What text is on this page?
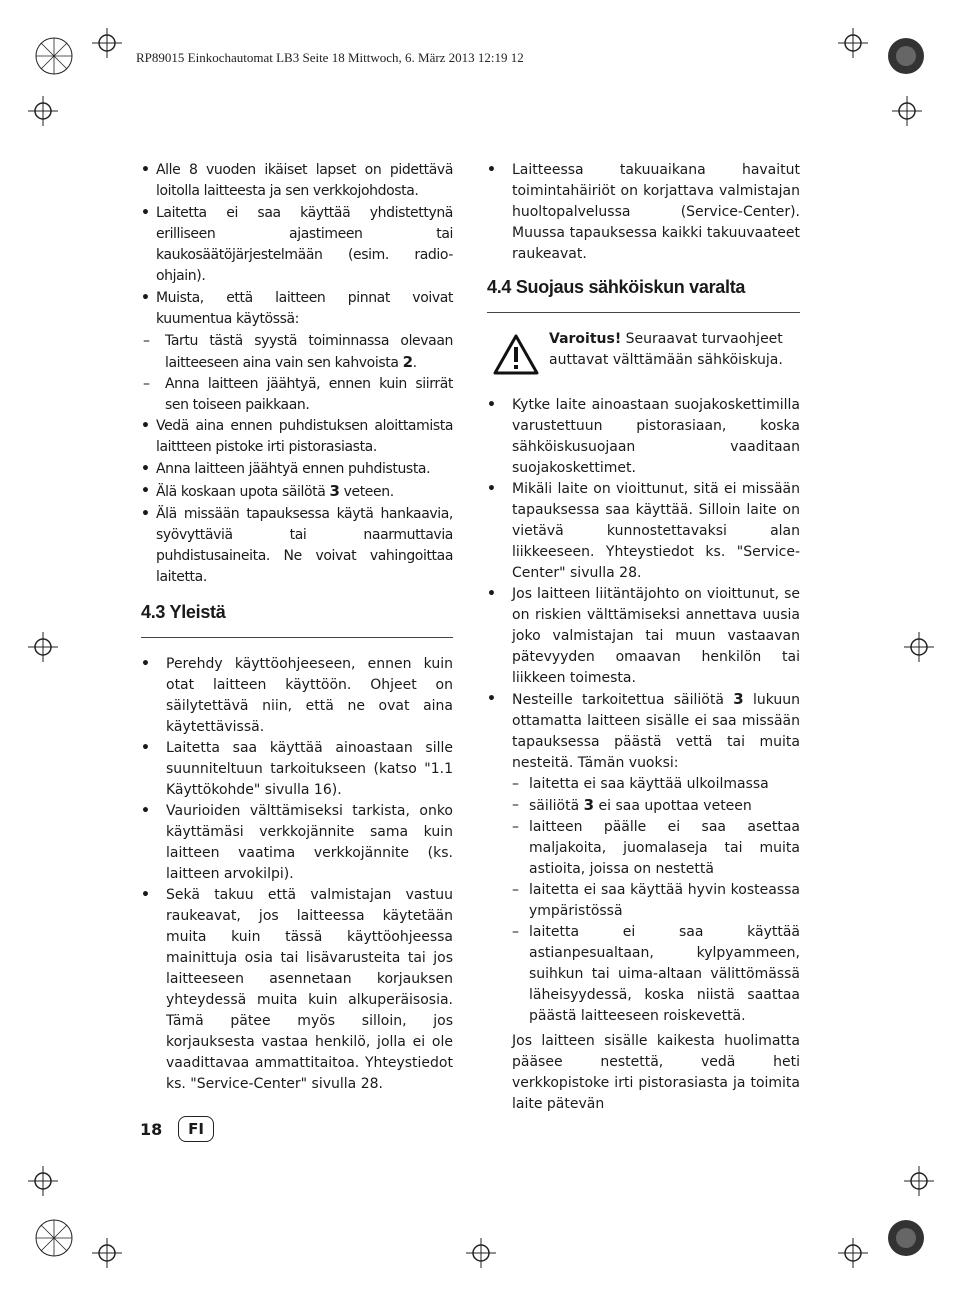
RP89015 Einkochautomat LB3 Seite 18 Mittwoch, 6. März 2013 12:19 12
• Alle 8 vuoden ikäiset lapset on pidettävä loitolla laitteesta ja sen verkkojohdosta.
• Laitetta ei saa käyttää yhdistettynä erilliseen ajastimeen tai kaukosäätöjärjestelmään (esim. radio-ohjain).
• Muista, että laitteen pinnat voivat kuumentua käytössä:
– Tartu tästä syystä toiminnassa olevaan laitteeseen aina vain sen kahvoista 2.
– Anna laitteen jäähtyä, ennen kuin siirrät sen toiseen paikkaan.
• Vedä aina ennen puhdistuksen aloittamista laittteen pistoke irti pistorasiasta.
• Anna laitteen jäähtyä ennen puhdistusta.
• Älä koskaan upota säilötä 3 veteen.
• Älä missään tapauksessa käytä hankaavia, syövyttäviä tai naarmuttavia puhdistusaineita. Ne voivat vahingoittaa laitetta.
4.3 Yleistä
• Perehdy käyttöohjeeseen, ennen kuin otat laitteen käyttöön. Ohjeet on säilytettävä niin, että ne ovat aina käytettävissä.
• Laitetta saa käyttää ainoastaan sille suunniteltuun tarkoitukseen (katso "1.1 Käyttökohde" sivulla 16).
• Vaurioiden välttämiseksi tarkista, onko käyttämäsi verkkojännite sama kuin laitteen vaatima verkkojännite (ks. laitteen arvokilpi).
• Sekä takuu että valmistajan vastuu raukeavat, jos laitteessa käytetään muita kuin tässä käyttöohjeessa mainittuja osia tai lisävarusteita tai jos laitteeseen asennetaan korjauksen yhteydessä muita kuin alkuperäisosia. Tämä pätee myös silloin, jos korjauksesta vastaa henkilö, jolla ei ole vaadittavaa ammattitaitoa. Yhteystiedot ks. "Service-Center" sivulla 28.
• Laitteessa takuuaikana havaitut toimintahäiriöt on korjattava valmistajan huoltopalvelussa (Service-Center). Muussa tapauksessa kaikki takuuvaateet raukeavat.
4.4 Suojaus sähköiskun varalta
Varoitus! Seuraavat turvaohjeet auttavat välttämään sähköiskuja.
• Kytke laite ainoastaan suojakoskettimilla varustettuun pistorasiaan, koska sähköiskusuojaan vaaditaan suojakoskettimet.
• Mikäli laite on vioittunut, sitä ei missään tapauksessa saa käyttää. Silloin laite on vietävä kunnostettavaksi alan liikkeeseen. Yhteystiedot ks. "Service-Center" sivulla 28.
• Jos laitteen liitäntäjohto on vioittunut, se on riskien välttämiseksi annettava uusia joko valmistajan tai muun vastaavan pätevyyden omaavan henkilön tai liikkeen toimesta.
• Nesteille tarkoitettua säiliötä 3 lukuun ottamatta laitteen sisälle ei saa missään tapauksessa päästä vettä tai muita nesteitä. Tämän vuoksi:
– laitetta ei saa käyttää ulkoilmassa
– säiliötä 3 ei saa upottaa veteen
– laitteen päälle ei saa asettaa maljakoita, juomalaseja tai muita astioita, joissa on nestettä
– laitetta ei saa käyttää hyvin kosteassa ympäristössä
– laitetta ei saa käyttää astianpesualtaan, kylpyammeen, suihkun tai uima-altaan välittömässä läheisyydessä, koska niistä saattaa päästä laitteeseen roiskevettä.
Jos laitteen sisälle kaikesta huolimatta pääsee nestettä, vedä heti verkkopistoke irti pistorasiasta ja toimita laite pätevän
18	FI
